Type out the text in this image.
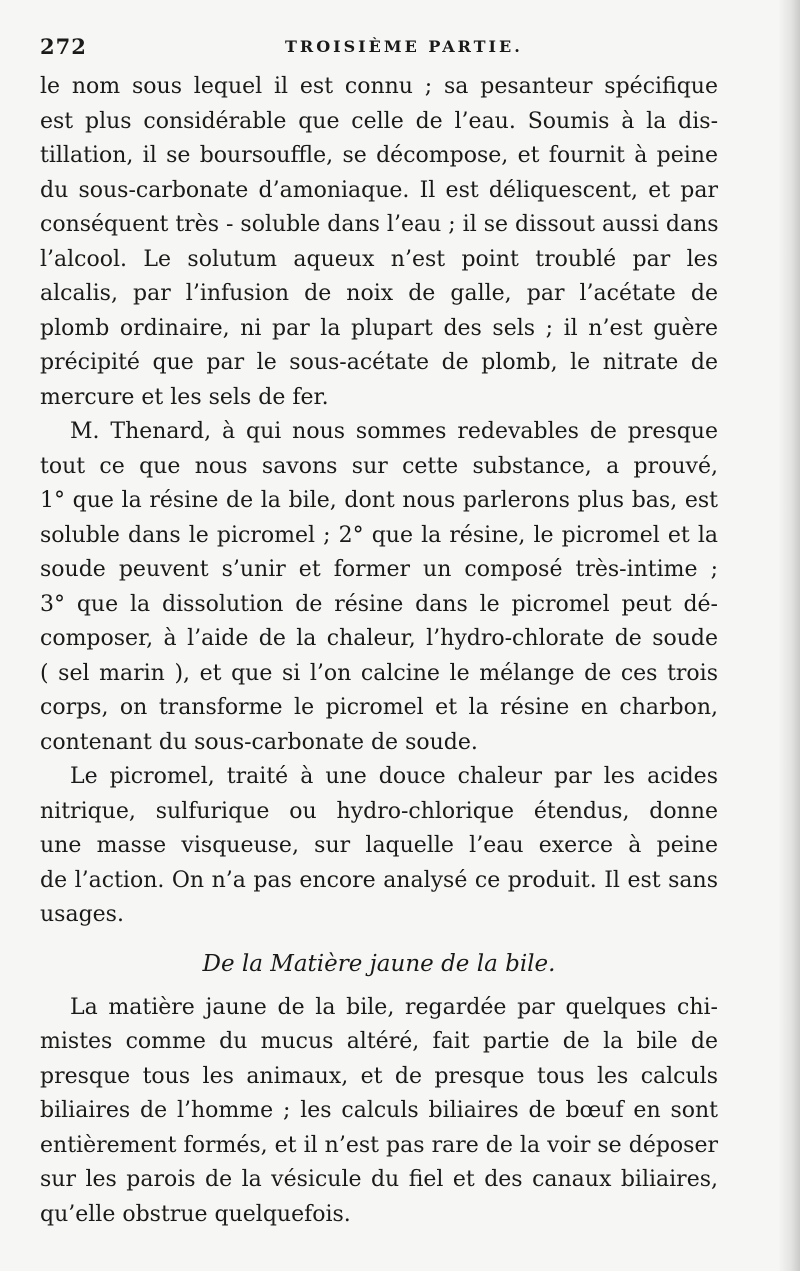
272	TROISIÈME PARTIE.

le nom sous lequel il est connu ; sa pesanteur spécifique
est plus considérable que celle de l’eau. Soumis à la dis-
tillation, il se boursouffle, se décompose, et fournit à peine
du sous-carbonate d’amoniaque. Il est déliquescent, et par
conséquent très - soluble dans l’eau ; il se dissout aussi dans
l’alcool. Le solutum aqueux n’est point troublé par les
alcalis, par l’infusion de noix de galle, par l’acétate de
plomb ordinaire, ni par la plupart des sels ; il n’est guère
précipité que par le sous-acétate de plomb, le nitrate de
mercure et les sels de fer.

M. Thenard, à qui nous sommes redevables de presque
tout ce que nous savons sur cette substance, a prouvé,
1° que la résine de la bile, dont nous parlerons plus bas, est
soluble dans le picromel ; 2° que la résine, le picromel et la
soude peuvent s’unir et former un composé très-intime ;
3° que la dissolution de résine dans le picromel peut dé-
composer, à l’aide de la chaleur, l’hydro-chlorate de soude
( sel marin ), et que si l’on calcine le mélange de ces trois
corps, on transforme le picromel et la résine en charbon,
contenant du sous-carbonate de soude.

Le picromel, traité à une douce chaleur par les acides
nitrique, sulfurique ou hydro-chlorique étendus, donne
une masse visqueuse, sur laquelle l’eau exerce à peine
de l’action. On n’a pas encore analysé ce produit. Il est sans
usages.

De la Matière jaune de la bile.

La matière jaune de la bile, regardée par quelques chi-
mistes comme du mucus altéré, fait partie de la bile de
presque tous les animaux, et de presque tous les calculs
biliaires de l’homme ; les calculs biliaires de bœuf en sont
entièrement formés, et il n’est pas rare de la voir se déposer
sur les parois de la vésicule du fiel et des canaux biliaires,
qu’elle obstrue quelquefois.
